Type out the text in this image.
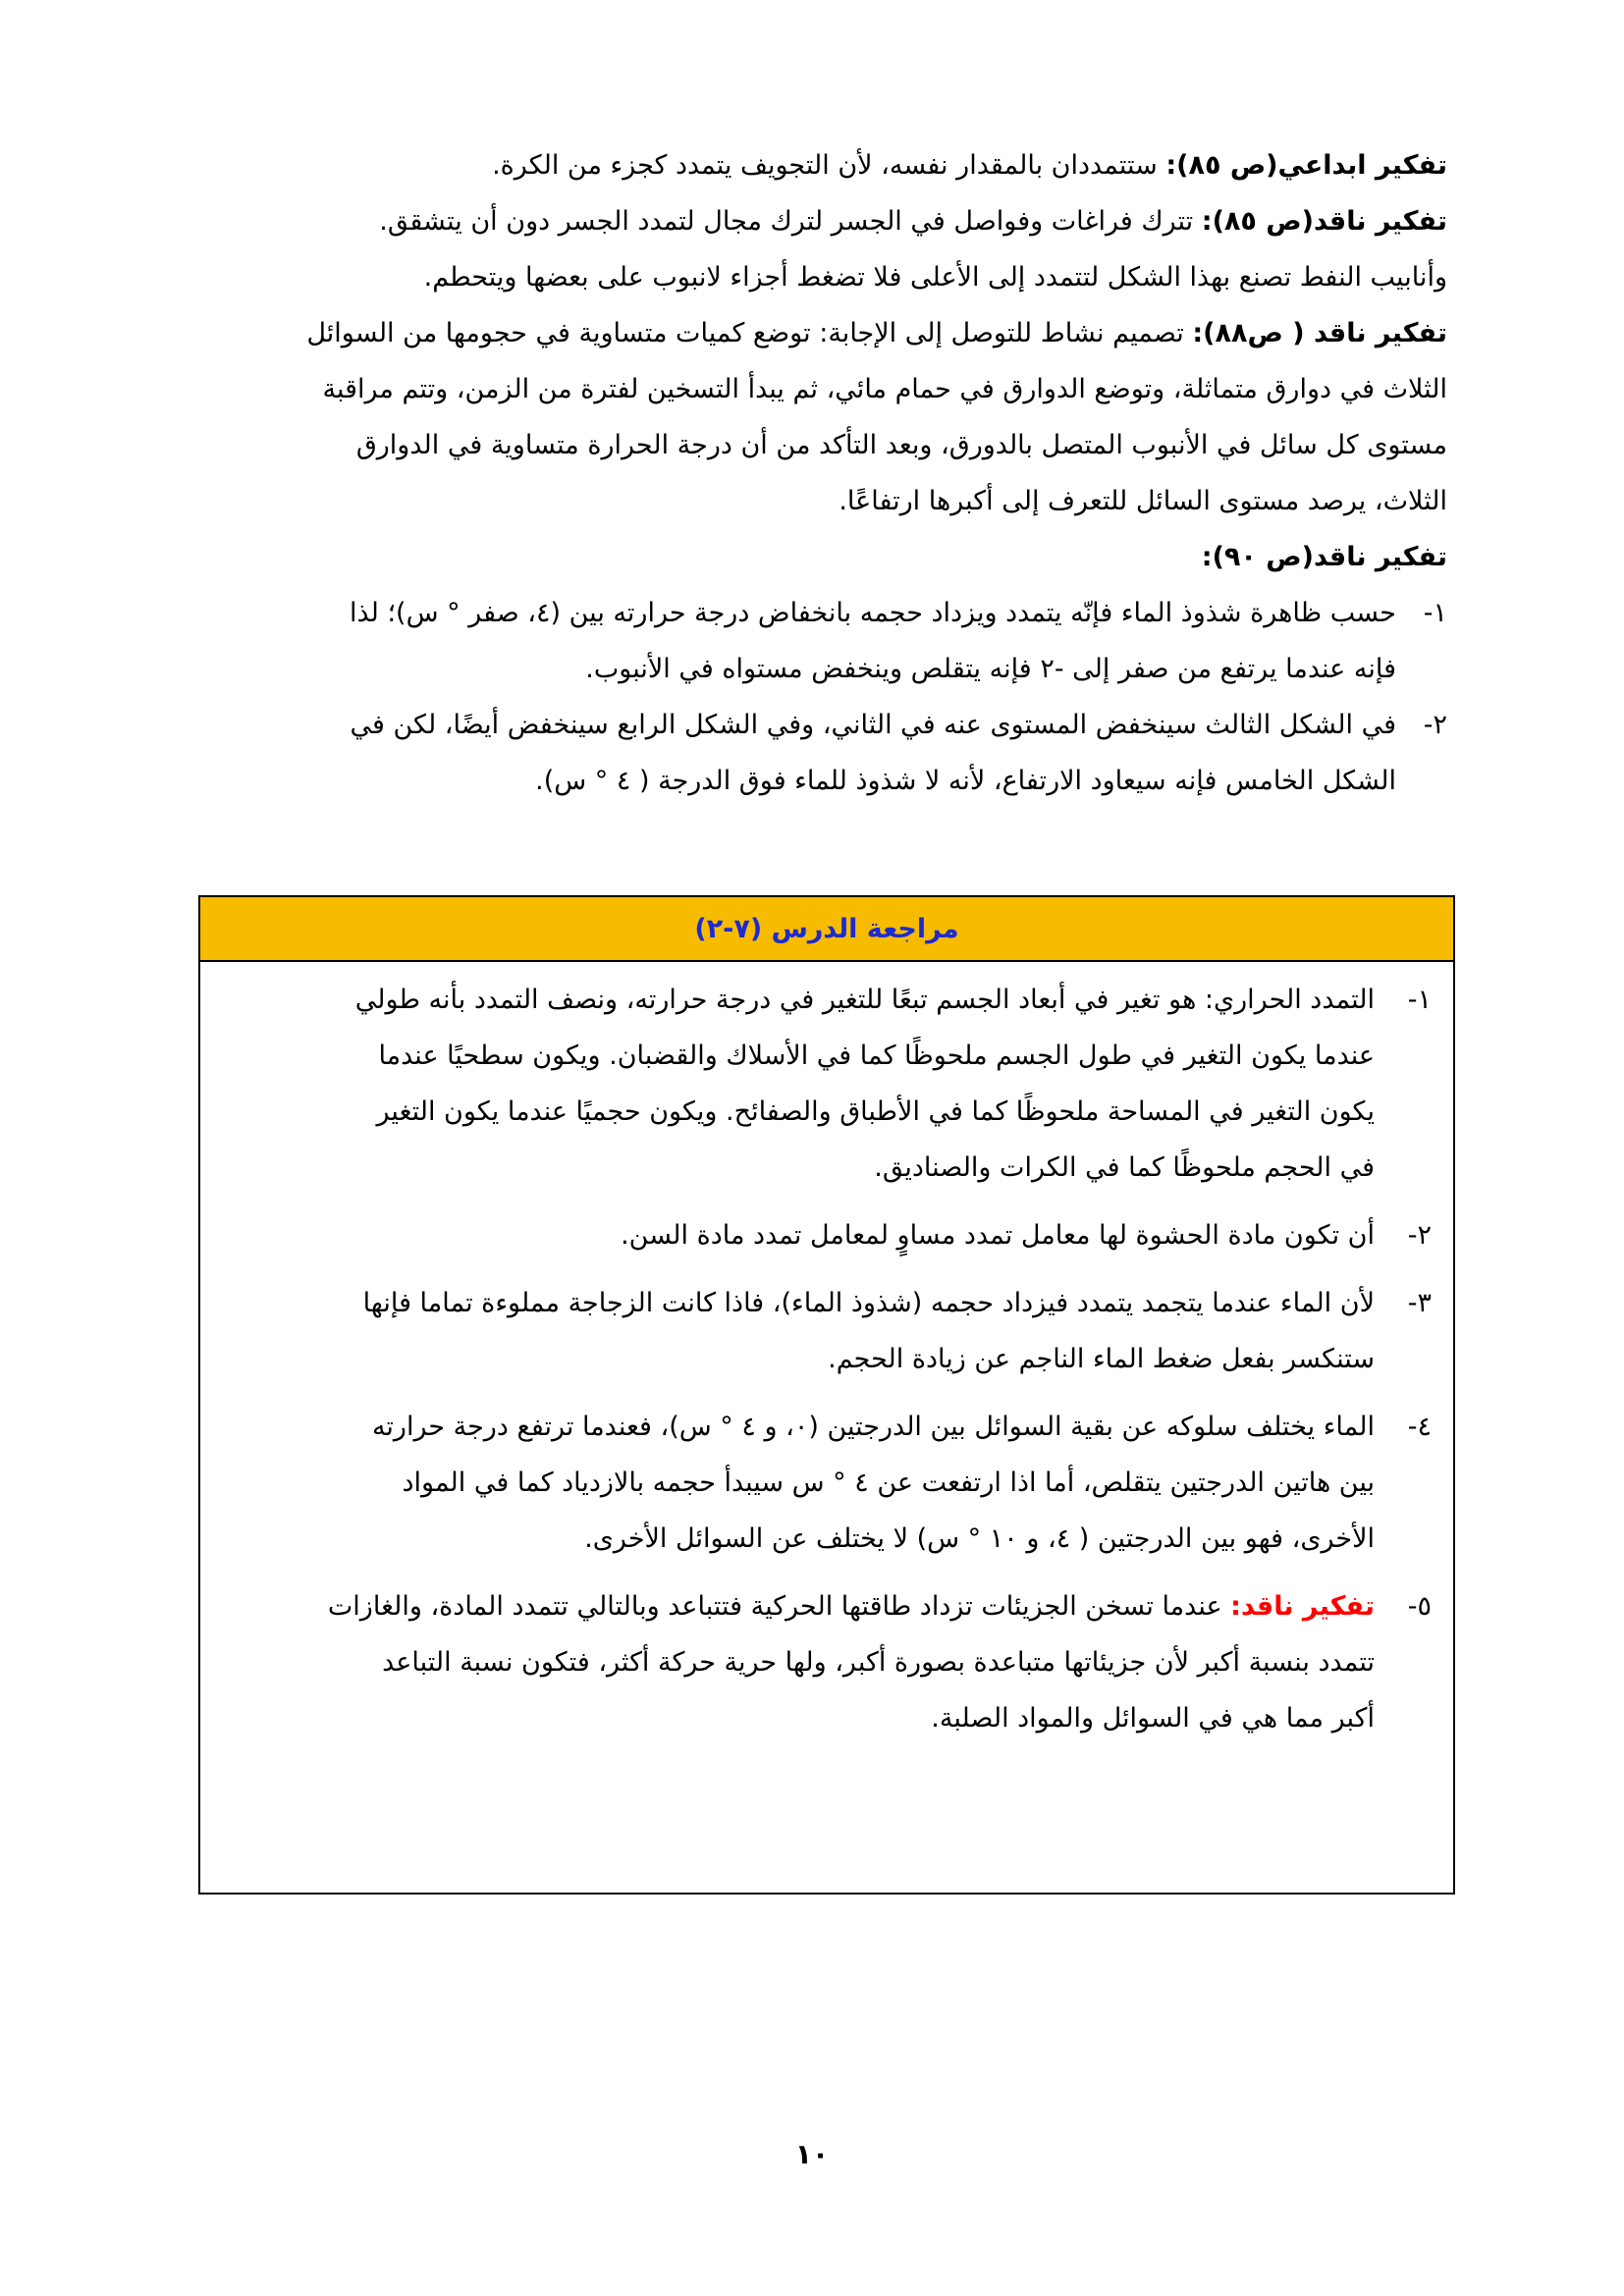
تفكير ابداعي(ص ٨٥): ستتمددان بالمقدار نفسه، لأن التجويف يتمدد كجزء من الكرة.
تفكير ناقد(ص ٨٥): تترك فراغات وفواصل في الجسر لترك مجال لتمدد الجسر دون أن يتشقق.
وأنابيب النفط تصنع بهذا الشكل لتتمدد إلى الأعلى فلا تضغط أجزاء لانبوب على بعضها ويتحطم.
تفكير ناقد ( ص٨٨): تصميم نشاط للتوصل إلى الإجابة: توضع كميات متساوية في حجومها من السوائل
الثلاث في دوارق متماثلة، وتوضع الدوارق في حمام مائي، ثم يبدأ التسخين لفترة من الزمن، وتتم مراقبة
مستوى كل سائل في الأنبوب المتصل بالدورق، وبعد التأكد من أن درجة الحرارة متساوية في الدوارق
الثلاث، يرصد مستوى السائل للتعرف إلى أكبرها ارتفاعًا.
تفكير ناقد(ص ٩٠):
١-
حسب ظاهرة شذوذ الماء فإنّه يتمدد ويزداد حجمه بانخفاض درجة حرارته بين (٤، صفر ° س)؛ لذا
فإنه عندما يرتفع من صفر إلى -٢ فإنه يتقلص وينخفض مستواه في الأنبوب.
٢-
في الشكل الثالث سينخفض المستوى عنه في الثاني، وفي الشكل الرابع سينخفض أيضًا، لكن في
الشكل الخامس فإنه سيعاود الارتفاع، لأنه لا شذوذ للماء فوق الدرجة ( ٤ ° س).
مراجعة الدرس (٧-٢)
١-
التمدد الحراري: هو تغير في أبعاد الجسم تبعًا للتغير في درجة حرارته، ونصف التمدد بأنه طولي
عندما يكون التغير في طول الجسم ملحوظًا كما في الأسلاك والقضبان. ويكون سطحيًا عندما
يكون التغير في المساحة ملحوظًا كما في الأطباق والصفائح. ويكون حجميًا عندما يكون التغير
في الحجم ملحوظًا كما في الكرات والصناديق.
٢-
أن تكون مادة الحشوة لها معامل تمدد مساوٍ لمعامل تمدد مادة السن.
٣-
لأن الماء عندما يتجمد يتمدد فيزداد حجمه (شذوذ الماء)، فاذا كانت الزجاجة مملوءة تماما فإنها
ستنكسر بفعل ضغط الماء الناجم عن زيادة الحجم.
٤-
الماء يختلف سلوكه عن بقية السوائل بين الدرجتين (٠، و ٤ ° س)، فعندما ترتفع درجة حرارته
بين هاتين الدرجتين يتقلص، أما اذا ارتفعت عن ٤ ° س سيبدأ حجمه بالازدياد كما في المواد
الأخرى، فهو بين الدرجتين ( ٤، و ١٠ ° س) لا يختلف عن السوائل الأخرى.
٥-
تفكير ناقد: عندما تسخن الجزيئات تزداد طاقتها الحركية فتتباعد وبالتالي تتمدد المادة، والغازات
تتمدد بنسبة أكبر لأن جزيئاتها متباعدة بصورة أكبر، ولها حرية حركة أكثر، فتكون نسبة التباعد
أكبر مما هي في السوائل والمواد الصلبة.
١٠
